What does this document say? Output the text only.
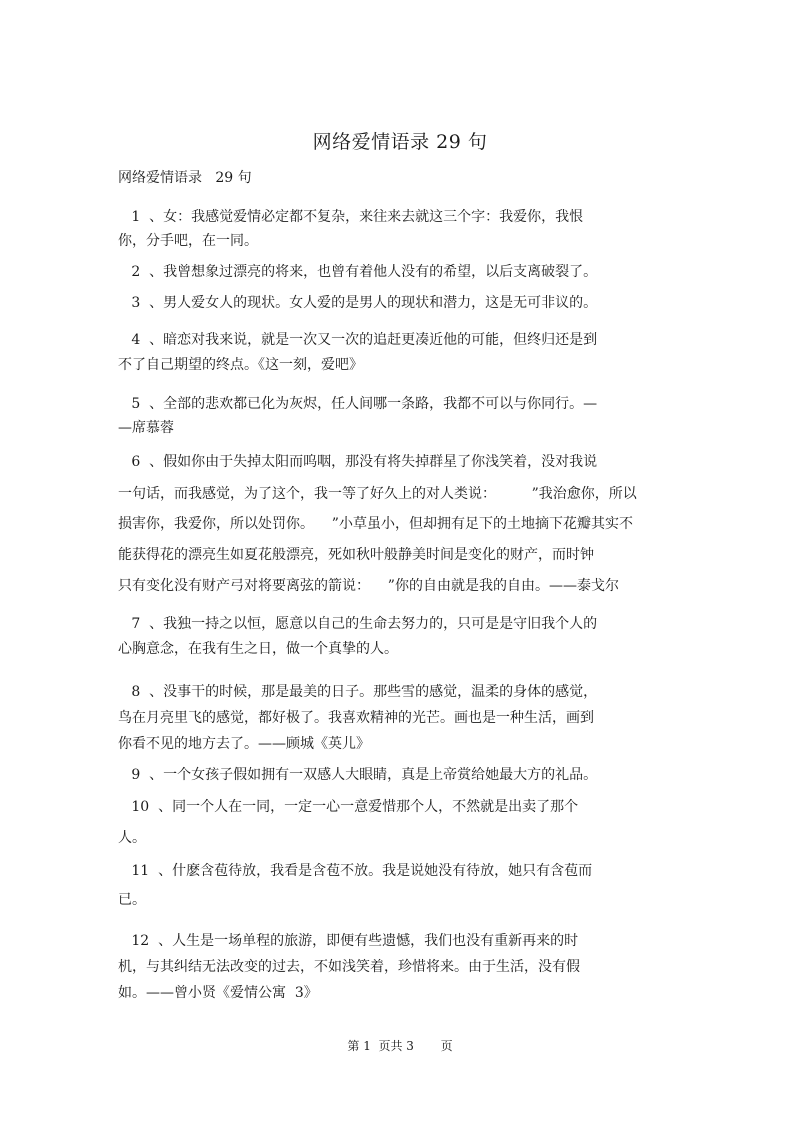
网络爱情语录 29 句
网络爱情语录   29 句
1  、女：我感觉爱情必定都不复杂，来往来去就这三个字：我爱你，我恨
你，分手吧，在一同。
2  、我曾想象过漂亮的将来，也曾有着他人没有的希望，以后支离破裂了。
3  、男人爱女人的现状。女人爱的是男人的现状和潜力，这是无可非议的。
4  、暗恋对我来说，就是一次又一次的追赶更凑近他的可能，但终归还是到
不了自己期望的终点。《这一刻，爱吧》
5  、全部的悲欢都已化为灰烬，任人间哪一条路，我都不可以与你同行。—
—席慕蓉
6  、假如你由于失掉太阳而呜咽，那没有将失掉群星了你浅笑着，没对我说
一句话，而我感觉，为了这个，我一等了好久上的对人类说：        ”我治愈你，所以
损害你，我爱你，所以处罚你。    ”小草虽小，但却拥有足下的土地摘下花瓣其实不
能获得花的漂亮生如夏花般漂亮，死如秋叶般静美时间是变化的财产，而时钟
只有变化没有财产弓对将要离弦的箭说：    ”你的自由就是我的自由。——泰戈尔
7  、我独一持之以恒，愿意以自己的生命去努力的，只可是是守旧我个人的
心胸意念，在我有生之日，做一个真挚的人。
8  、没事干的时候，那是最美的日子。那些雪的感觉，温柔的身体的感觉，
鸟在月亮里飞的感觉，都好极了。我喜欢精神的光芒。画也是一种生活，画到
你看不见的地方去了。——顾城《英儿》
9  、一个女孩子假如拥有一双感人大眼睛，真是上帝赏给她最大方的礼品。
10  、同一个人在一同，一定一心一意爱惜那个人，不然就是出卖了那个
人。
11  、什麽含苞待放，我看是含苞不放。我是说她没有待放，她只有含苞而
已。
12  、人生是一场单程的旅游，即便有些遗憾，我们也没有重新再来的时
机，与其纠结无法改变的过去，不如浅笑着，珍惜将来。由于生活，没有假
如。——曾小贤《爱情公寓  3》
第 1  页共 3       页
